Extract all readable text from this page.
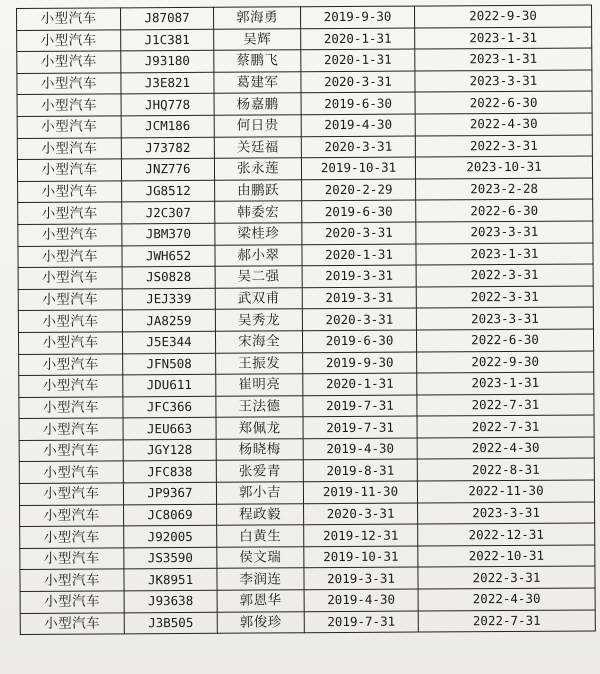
小型汽车	J87087	郭海勇	2019-9-30	2022-9-30
小型汽车	J1C381	吴辉	2020-1-31	2023-1-31
小型汽车	J93180	蔡鹏飞	2020-1-31	2023-1-31
小型汽车	J3E821	葛建军	2020-3-31	2023-3-31
小型汽车	JHQ778	杨嘉鹏	2019-6-30	2022-6-30
小型汽车	JCM186	何日贵	2019-4-30	2022-4-30
小型汽车	J73782	关廷福	2020-3-31	2022-3-31
小型汽车	JNZ776	张永莲	2019-10-31	2023-10-31
小型汽车	JG8512	由鹏跃	2020-2-29	2023-2-28
小型汽车	J2C307	韩委宏	2019-6-30	2022-6-30
小型汽车	JBM370	梁桂珍	2020-3-31	2023-3-31
小型汽车	JWH652	郝小翠	2020-1-31	2023-1-31
小型汽车	JS0828	吴二强	2019-3-31	2022-3-31
小型汽车	JEJ339	武双甫	2019-3-31	2022-3-31
小型汽车	JA8259	吴秀龙	2020-3-31	2023-3-31
小型汽车	J5E344	宋海全	2019-6-30	2022-6-30
小型汽车	JFN508	王振发	2019-9-30	2022-9-30
小型汽车	JDU611	崔明亮	2020-1-31	2023-1-31
小型汽车	JFC366	王法德	2019-7-31	2022-7-31
小型汽车	JEU663	郑佩龙	2019-7-31	2022-7-31
小型汽车	JGY128	杨晓梅	2019-4-30	2022-4-30
小型汽车	JFC838	张爱青	2019-8-31	2022-8-31
小型汽车	JP9367	郭小吉	2019-11-30	2022-11-30
小型汽车	JC8069	程政毅	2020-3-31	2023-3-31
小型汽车	J92005	白黄生	2019-12-31	2022-12-31
小型汽车	JS3590	侯文瑞	2019-10-31	2022-10-31
小型汽车	JK8951	李润连	2019-3-31	2022-3-31
小型汽车	J93638	郭恩华	2019-4-30	2022-4-30
小型汽车	J3B505	郭俊珍	2019-7-31	2022-7-31
